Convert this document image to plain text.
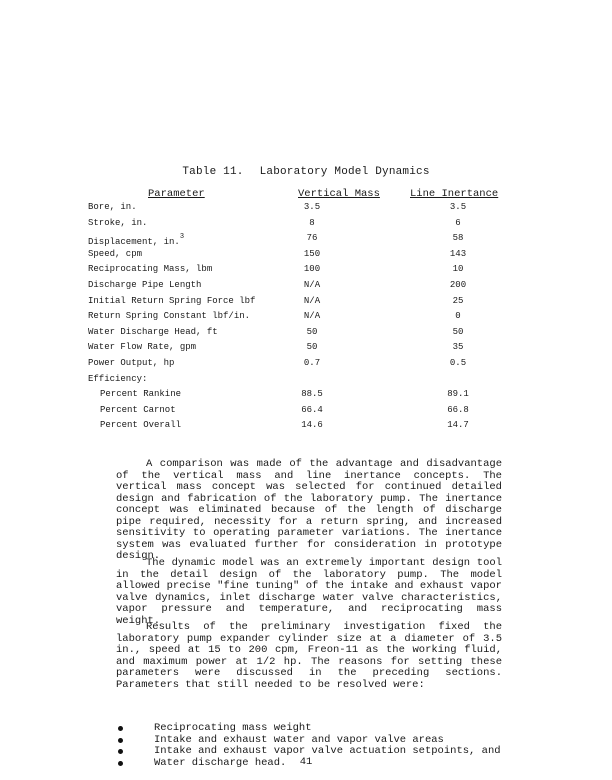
Table 11. Laboratory Model Dynamics
Parameter	Vertical Mass	Line Inertance
Bore, in.	3.5	3.5
Stroke, in.	8	6
Displacement, in.$^3$	76	58
Speed, cpm	150	143
Reciprocating Mass, lbm	100	10
Discharge Pipe Length	N/A	200
Initial Return Spring Force lbf	N/A	25
Return Spring Constant lbf/in.	N/A	0
Water Discharge Head, ft	50	50
Water Flow Rate, gpm	50	35
Power Output, hp	0.7	0.5
Efficiency:
Percent Rankine	88.5	89.1
Percent Carnot	66.4	66.8
Percent Overall	14.6	14.7

A comparison was made of the advantage and disadvantage of the vertical mass and line inertance concepts. The vertical mass concept was selected for continued detailed design and fabrication of the laboratory pump. The inertance concept was eliminated because of the length of discharge pipe required, necessity for a return spring, and increased sensitivity to operating parameter variations. The inertance system was evaluated further for consideration in prototype design.

The dynamic model was an extremely important design tool in the detail design of the laboratory pump. The model allowed precise "fine tuning" of the intake and exhaust vapor valve dynamics, inlet discharge water valve characteristics, vapor pressure and temperature, and reciprocating mass weight.

Results of the preliminary investigation fixed the laboratory pump expander cylinder size at a diameter of 3.5 in., speed at 15 to 200 cpm, Freon-11 as the working fluid, and maximum power at 1/2 hp. The reasons for setting these parameters were discussed in the preceding sections. Parameters that still needed to be resolved were:

Reciprocating mass weight
Intake and exhaust water and vapor valve areas
Intake and exhaust vapor valve actuation setpoints, and
Water discharge head.	41
